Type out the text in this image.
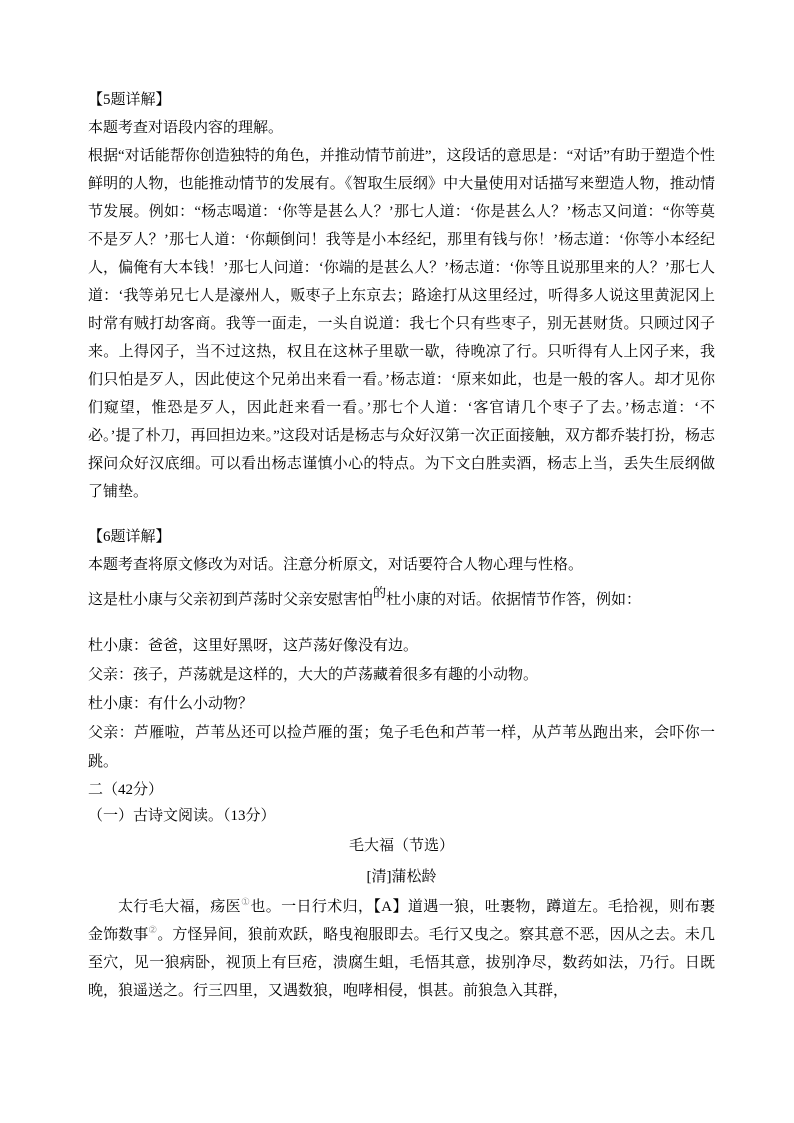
【5题详解】

本题考查对语段内容的理解。

根据“对话能帮你创造独特的角色，并推动情节前进”，这段话的意思是：“对话”有助于塑造个性鲜明的人物，也能推动情节的发展有。《智取生辰纲》中大量使用对话描写来塑造人物，推动情节发展。例如：“杨志喝道：‘你等是甚么人？’那七人道：‘你是甚么人？’杨志又问道：“你等莫不是歹人？’那七人道：‘你颠倒问！我等是小本经纪，那里有钱与你！’杨志道：‘你等小本经纪人，偏俺有大本钱！’那七人问道：‘你端的是甚么人？’杨志道：‘你等且说那里来的人？’那七人道：‘我等弟兄七人是濠州人，贩枣子上东京去；路途打从这里经过，听得多人说这里黄泥冈上时常有贼打劫客商。我等一面走，一头自说道：我七个只有些枣子，别无甚财货。只顾过冈子来。上得冈子，当不过这热，权且在这林子里歇一歇，待晚凉了行。只听得有人上冈子来，我们只怕是歹人，因此使这个兄弟出来看一看。’杨志道：‘原来如此，也是一般的客人。却才见你们窥望，惟恐是歹人，因此赶来看一看。’那七个人道：‘客官请几个枣子了去。’杨志道：‘不必。’提了朴刀，再回担边来。”这段对话是杨志与众好汉第一次正面接触，双方都乔装打扮，杨志探问众好汉底细。可以看出杨志谨慎小心的特点。为下文白胜卖酒，杨志上当，丢失生辰纲做了铺垫。

【6题详解】

本题考查将原文修改为对话。注意分析原文，对话要符合人物心理与性格。

这是杜小康与父亲初到芦荡时父亲安慰害怕的杜小康的对话。依据情节作答，例如：

杜小康：爸爸，这里好黑呀，这芦荡好像没有边。

父亲：孩子，芦荡就是这样的，大大的芦荡藏着很多有趣的小动物。

杜小康：有什么小动物？

父亲：芦雁啦，芦苇丛还可以捡芦雁的蛋；兔子毛色和芦苇一样，从芦苇丛跑出来，会吓你一跳。

二（42分）

（一）古诗文阅读。（13分）

毛大福（节选）

[清]蒲松龄

太行毛大福，疡医①也。一日行术归，【A】道遇一狼，吐裹物，蹲道左。毛拾视，则布裹金饰数事②。方怪异间，狼前欢跃，略曳袍服即去。毛行又曳之。察其意不恶，因从之去。未几至穴，见一狼病卧，视顶上有巨疮，溃腐生蛆，毛悟其意，拔别净尽，数药如法，乃行。日既晚，狼遥送之。行三四里，又遇数狼，咆哮相侵，惧甚。前狼急入其群，
